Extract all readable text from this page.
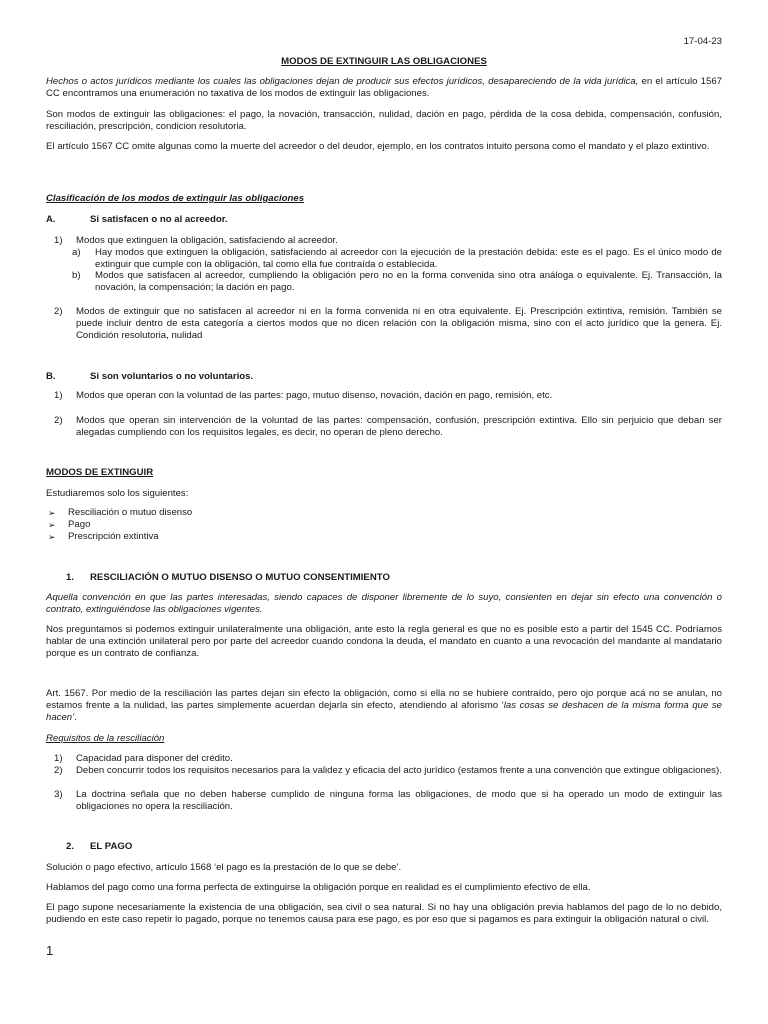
17-04-23
MODOS DE EXTINGUIR LAS OBLIGACIONES

Hechos o actos jurídicos mediante los cuales las obligaciones dejan de producir sus efectos jurídicos, desapareciendo de la vida jurídica, en el artículo 1567 CC encontramos una enumeración no taxativa de los modos de extinguir las obligaciones.

Son modos de extinguir las obligaciones: el pago, la novación, transacción, nulidad, dación en pago, pérdida de la cosa debida, compensación, confusión, resciliación, prescripción, condicion resolutoria.

El artículo 1567 CC omite algunas como la muerte del acreedor o del deudor, ejemplo, en los contratos intuito persona como el mandato y el plazo extintivo.

Clasificación de los modos de extinguir las obligaciones
A.	Si satisfacen o no al acreedor.
1) Modos que extinguen la obligación, satisfaciendo al acreedor.
a) Hay modos que extinguen la obligación, satisfaciendo al acreedor con la ejecución de la prestación debida: este es el pago. Es el único modo de extinguir que cumple con la obligación, tal como ella fue contraída o establecida.
b) Modos que satisfacen al acreedor, cumpliendo la obligación pero no en la forma convenida sino otra análoga o equivalente. Ej. Transacción, la novación, la compensación; la dación en pago.
2) Modos de extinguir que no satisfacen al acreedor ni en la forma convenida ni en otra equivalente. Ej. Prescripción extintiva, remisión. También se puede incluir dentro de esta categoría a ciertos modos que no dicen relación con la obligación misma, sino con el acto jurídico que la genera. Ej. Condición resolutoria, nulidad
B.	Si son voluntarios o no voluntarios.
1) Modos que operan con la voluntad de las partes: pago, mutuo disenso, novación, dación en pago, remisión, etc.
2) Modos que operan sin intervención de la voluntad de las partes: compensación, confusión, prescripción extintiva. Ello sin perjuicio que deban ser alegadas cumpliendo con los requisitos legales, es decir, no operan de pleno derecho.
MODOS DE EXTINGUIR
Estudiaremos solo los siguientes:
➢ Resciliación o mutuo disenso
➢ Pago
➢ Prescripción extintiva
1. RESCILIACIÓN O MUTUO DISENSO O MUTUO CONSENTIMIENTO

Aquella convención en que las partes interesadas, siendo capaces de disponer libremente de lo suyo, consienten en dejar sin efecto una convención o contrato, extinguiéndose las obligaciones vigentes.

Nos preguntamos si podemos extinguir unilateralmente una obligación, ante esto la regla general es que no es posible esto a partir del 1545 CC. Podríamos hablar de una extinción unilateral pero por parte del acreedor cuando condona la deuda, el mandato en cuanto a una revocación del mandante al mandatario porque es un contrato de confianza.

Art. 1567. Por medio de la resciliación las partes dejan sin efecto la obligación, como si ella no se hubiere contraído, pero ojo porque acá no se anulan, no estamos frente a la nulidad, las partes simplemente acuerdan dejarla sin efecto, atendiendo al aforismo ‘las cosas se deshacen de la misma forma que se hacen’.

Requisitos de la resciliación
1) Capacidad para disponer del crédito.
2) Deben concurrir todos los requisitos necesarios para la validez y eficacia del acto jurídico (estamos frente a una convención que extingue obligaciones).
3) La doctrina señala que no deben haberse cumplido de ninguna forma las obligaciones, de modo que si ha operado un modo de extinguir las obligaciones no opera la resciliación.
2. EL PAGO

Solución o pago efectivo, artículo 1568 ‘el pago es la prestación de lo que se debe’.

Hablamos del pago como una forma perfecta de extinguirse la obligación porque en realidad es el cumplimiento efectivo de ella.

El pago supone necesariamente la existencia de una obligación, sea civil o sea natural. Si no hay una obligación previa hablamos del pago de lo no debido, pudiendo en este caso repetir lo pagado, porque no tenemos causa para ese pago, es por eso que si pagamos es para extinguir la obligación natural o civil.

1
